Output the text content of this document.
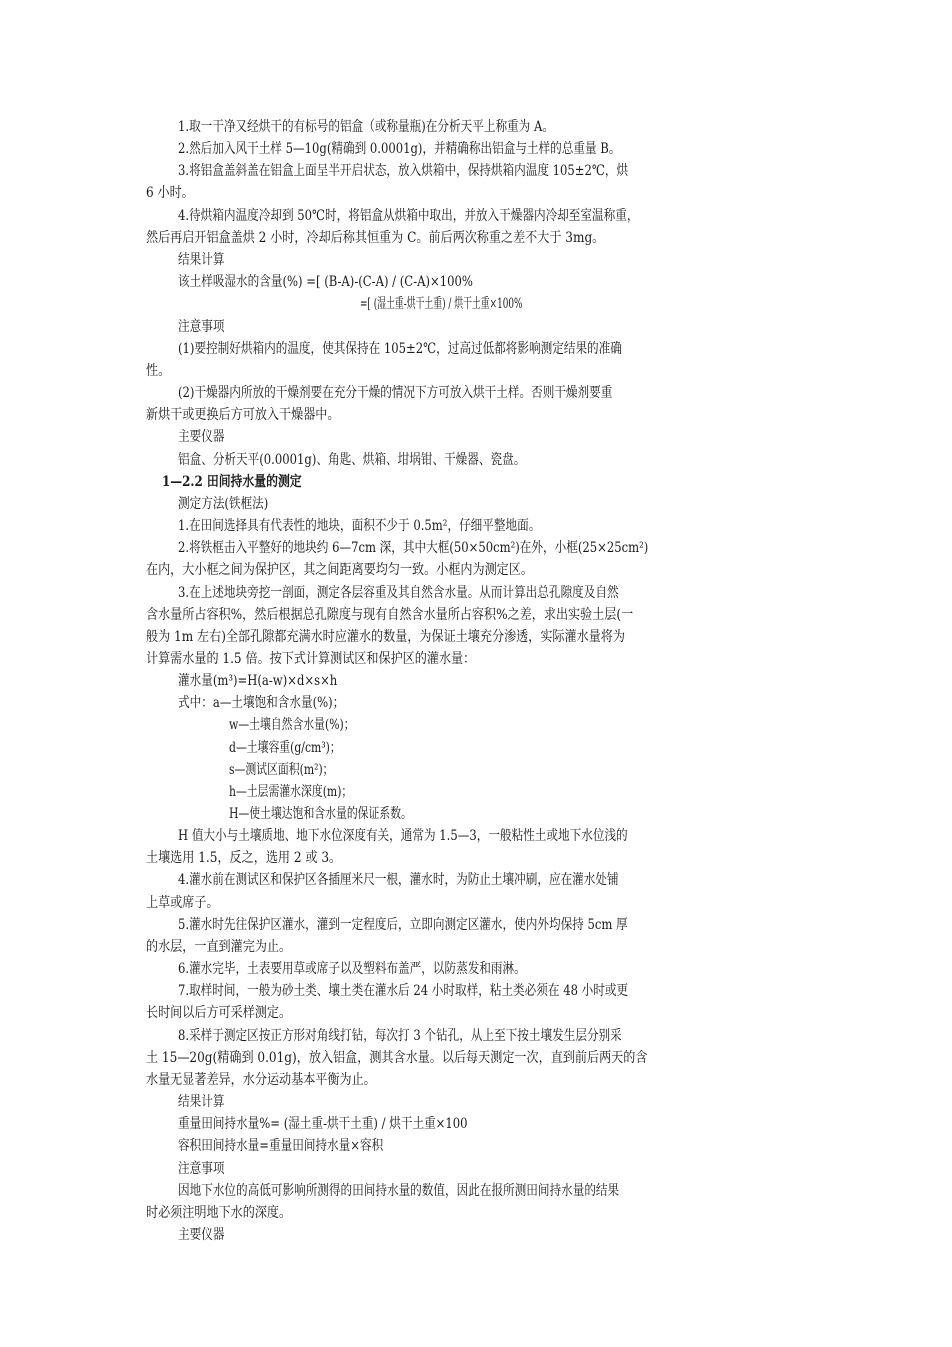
1.取一干净又经烘干的有标号的铝盒（或称量瓶)在分析天平上称重为 A。
2.然后加入风干土样 5—10g(精确到 0.0001g)，并精确称出铝盒与土样的总重量 B。
3.将铝盒盖斜盖在铝盒上面呈半开启状态，放入烘箱中，保持烘箱内温度 105±2℃，烘
6 小时。
4.待烘箱内温度冷却到 50℃时，将铝盒从烘箱中取出，并放入干燥器内冷却至室温称重，
然后再启开铝盒盖烘 2 小时，冷却后称其恒重为 C。前后两次称重之差不大于 3mg。
结果计算
该土样吸湿水的含量(%) =[ (B-A)-(C-A) / (C-A)×100%
=[ (湿土重-烘干土重) / 烘干土重×100%
注意事项
(1)要控制好烘箱内的温度，使其保持在 105±2℃，过高过低都将影响测定结果的准确
性。
(2)干燥器内所放的干燥剂要在充分干燥的情况下方可放入烘干土样。否则干燥剂要重
新烘干或更换后方可放入干燥器中。
主要仪器
铝盒、分析天平(0.0001g)、角匙、烘箱、坩埚钳、干燥器、瓷盘。
1—2.2 田间持水量的测定
测定方法(铁框法)
1.在田间选择具有代表性的地块，面积不少于 0.5m²，仔细平整地面。
2.将铁框击入平整好的地块约 6—7cm 深，其中大框(50×50cm²)在外，小框(25×25cm²)
在内，大小框之间为保护区，其之间距离要均匀一致。小框内为测定区。
3.在上述地块旁挖一剖面，测定各层容重及其自然含水量。从而计算出总孔隙度及自然
含水量所占容积%，然后根据总孔隙度与现有自然含水量所占容积%之差，求出实验土层(一
般为 1m 左右)全部孔隙都充满水时应灌水的数量，为保证土壤充分渗透，实际灌水量将为
计算需水量的 1.5 倍。按下式计算测试区和保护区的灌水量：
灌水量(m³)=H(a-w)×d×s×h
式中：a—土壤饱和含水量(%)；
w—土壤自然含水量(%)；
d—土壤容重(g/cm³)；
s—测试区面积(m²)；
h—土层需灌水深度(m)；
H—使土壤达饱和含水量的保证系数。
H 值大小与土壤质地、地下水位深度有关，通常为 1.5—3，一般粘性土或地下水位浅的
土壤选用 1.5，反之，选用 2 或 3。
4.灌水前在测试区和保护区各插厘米尺一根，灌水时，为防止土壤冲刷，应在灌水处铺
上草或席子。
5.灌水时先往保护区灌水，灌到一定程度后，立即向测定区灌水，使内外均保持 5cm 厚
的水层，一直到灌完为止。
6.灌水完毕，土表要用草或席子以及塑料布盖严，以防蒸发和雨淋。
7.取样时间，一般为砂土类、壤土类在灌水后 24 小时取样，粘土类必须在 48 小时或更
长时间以后方可采样测定。
8.采样于测定区按正方形对角线打钻，每次打 3 个钻孔，从上至下按土壤发生层分别采
土 15—20g(精确到 0.01g)，放入铝盒，测其含水量。以后每天测定一次，直到前后两天的含
水量无显著差异，水分运动基本平衡为止。
结果计算
重量田间持水量%= (湿土重-烘干土重) / 烘干土重×100
容积田间持水量=重量田间持水量×容积
注意事项
因地下水位的高低可影响所测得的田间持水量的数值，因此在报所测田间持水量的结果
时必须注明地下水的深度。
主要仪器
